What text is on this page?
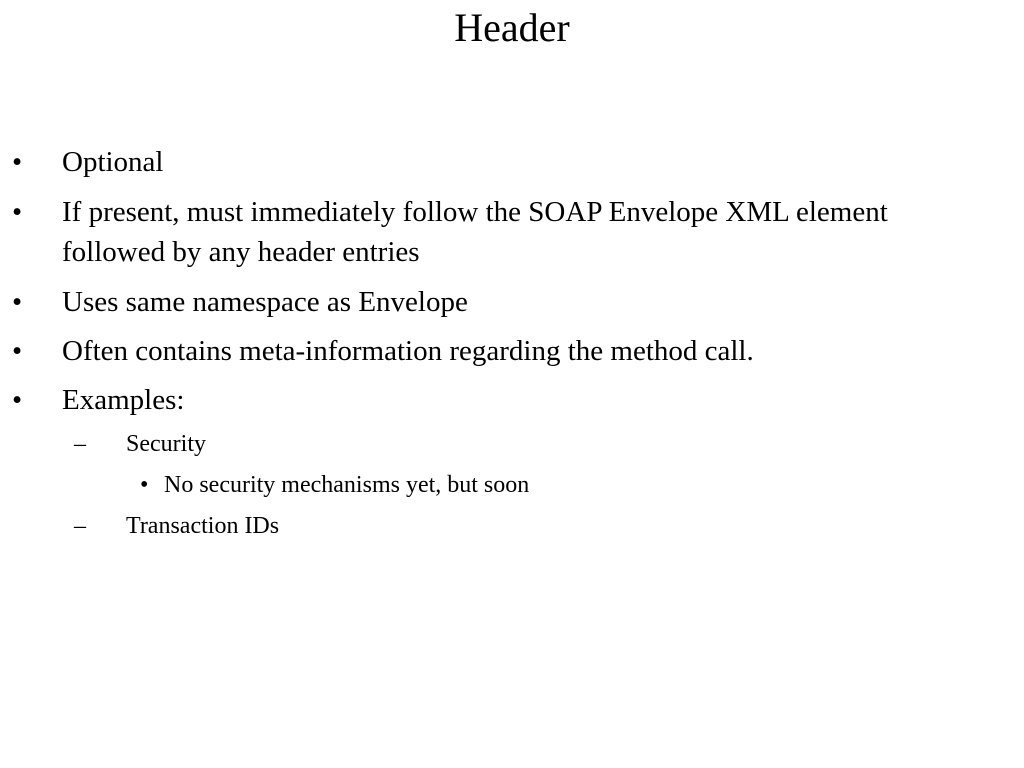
Header
•	Optional
•	If present, must immediately follow the SOAP Envelope XML element followed by any header entries
•	Uses same namespace as Envelope
•	Often contains meta-information regarding the method call.
•	Examples:
–	Security
• No security mechanisms yet, but soon
–	Transaction IDs
